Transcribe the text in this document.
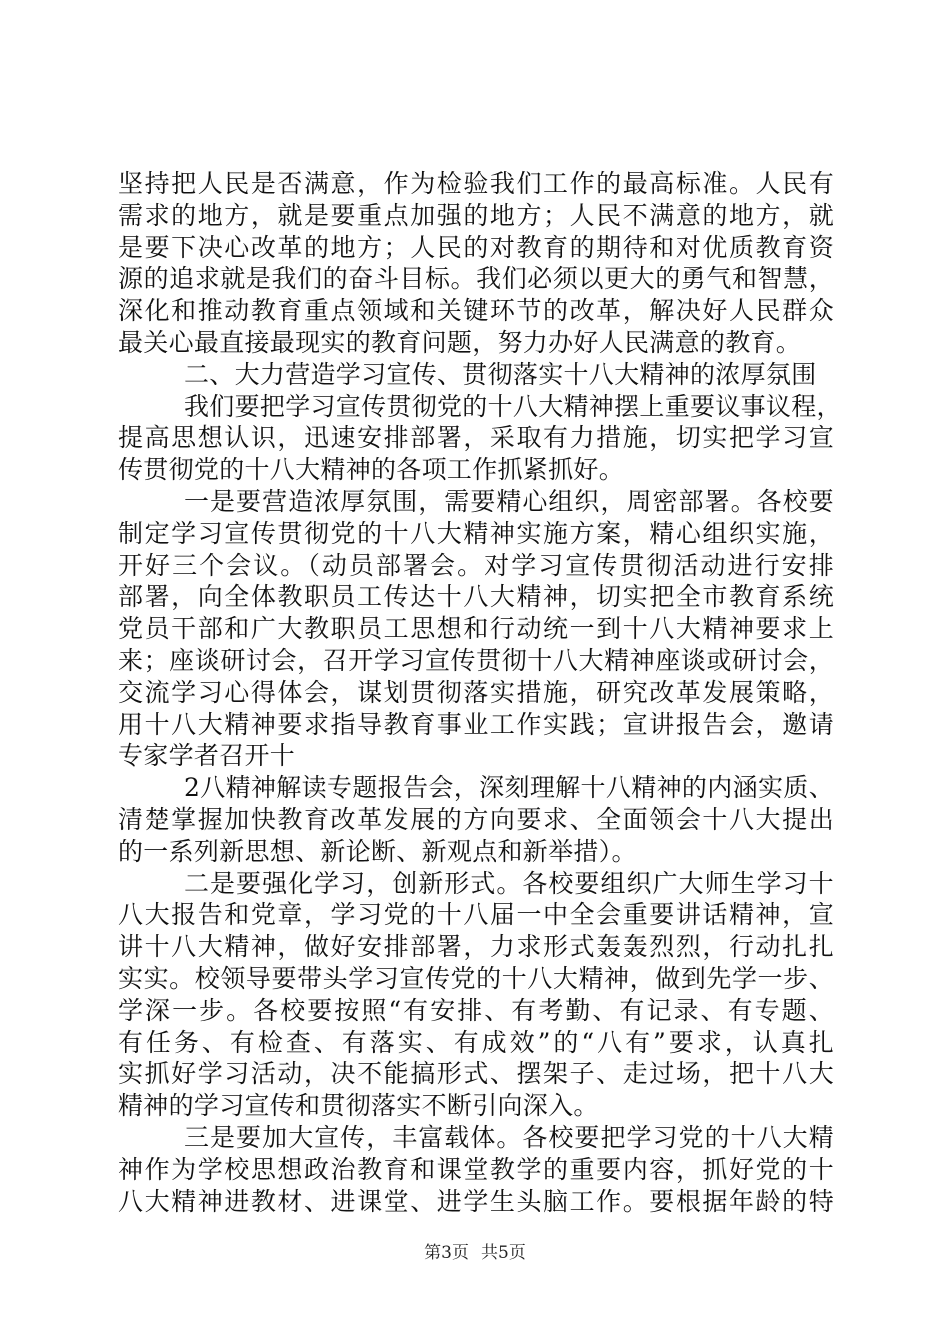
坚持把人民是否满意，作为检验我们工作的最高标准。人民有
需求的地方，就是要重点加强的地方；人民不满意的地方，就
是要下决心改革的地方；人民的对教育的期待和对优质教育资
源的追求就是我们的奋斗目标。我们必须以更大的勇气和智慧，
深化和推动教育重点领域和关键环节的改革，解决好人民群众
最关心最直接最现实的教育问题，努力办好人民满意的教育。
二、大力营造学习宣传、贯彻落实十八大精神的浓厚氛围
我们要把学习宣传贯彻党的十八大精神摆上重要议事议程，
提高思想认识，迅速安排部署，采取有力措施，切实把学习宣
传贯彻党的十八大精神的各项工作抓紧抓好。
一是要营造浓厚氛围，需要精心组织，周密部署。各校要
制定学习宣传贯彻党的十八大精神实施方案，精心组织实施，
开好三个会议。（动员部署会。对学习宣传贯彻活动进行安排
部署，向全体教职员工传达十八大精神，切实把全市教育系统
党员干部和广大教职员工思想和行动统一到十八大精神要求上
来；座谈研讨会，召开学习宣传贯彻十八大精神座谈或研讨会，
交流学习心得体会，谋划贯彻落实措施，研究改革发展策略，
用十八大精神要求指导教育事业工作实践；宣讲报告会，邀请
专家学者召开十
2八精神解读专题报告会，深刻理解十八精神的内涵实质、
清楚掌握加快教育改革发展的方向要求、全面领会十八大提出
的一系列新思想、新论断、新观点和新举措）。
二是要强化学习，创新形式。各校要组织广大师生学习十
八大报告和党章，学习党的十八届一中全会重要讲话精神，宣
讲十八大精神，做好安排部署，力求形式轰轰烈烈，行动扎扎
实实。校领导要带头学习宣传党的十八大精神，做到先学一步、
学深一步。各校要按照“有安排、有考勤、有记录、有专题、
有任务、有检查、有落实、有成效”的“八有”要求，认真扎
实抓好学习活动，决不能搞形式、摆架子、走过场，把十八大
精神的学习宣传和贯彻落实不断引向深入。
三是要加大宣传，丰富载体。各校要把学习党的十八大精
神作为学校思想政治教育和课堂教学的重要内容，抓好党的十
八大精神进教材、进课堂、进学生头脑工作。要根据年龄的特
第3页 共5页
